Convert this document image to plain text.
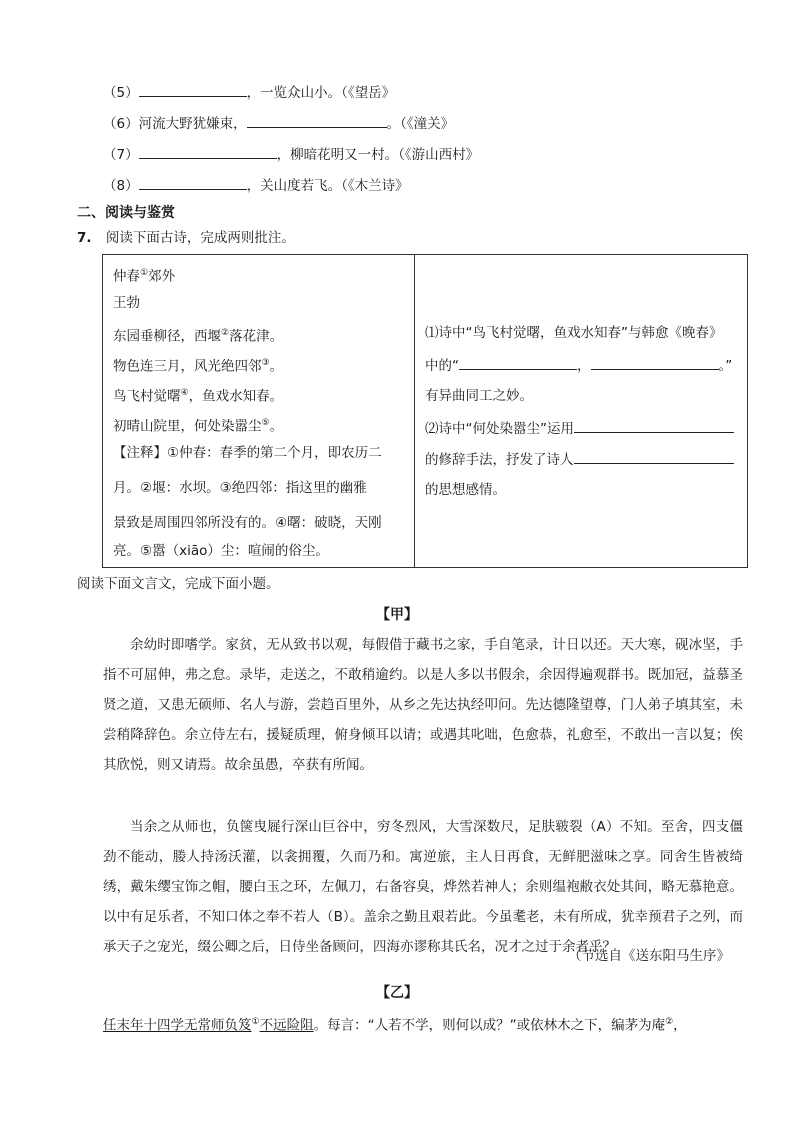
（5）	，一览众山小。（《望岳》
（6）河流大野犹嫌束，	。（《潼关》
（7）	，柳暗花明又一村。（《游山西村》
（8）	，关山度若飞。（《木兰诗》
二、阅读与鉴赏
7. 阅读下面古诗，完成两则批注。
仲春①郊外
王勃
东园垂柳径，西堰②落花津。
物色连三月，风光绝四邻③。
鸟飞村觉曙④，鱼戏水知春。
初晴山院里，何处染嚣尘⑤。
【注释】①仲春：春季的第二个月，即农历二
月。②堰：水坝。③绝四邻：指这里的幽雅
景致是周围四邻所没有的。④曙：破晓，天刚
亮。⑤嚣（xiāo）尘：喧闹的俗尘。

⑴诗中“鸟飞村觉曙，鱼戏水知春”与韩愈《晚春》
中的“	，	。”
有异曲同工之妙。
⑵诗中“何处染嚣尘”运用
的修辞手法，抒发了诗人
的思想感情。
阅读下面文言文，完成下面小题。
【甲】
余幼时即嗜学。家贫，无从致书以观，每假借于藏书之家，手自笔录，计日以还。天大寒，砚冰坚，手指不可屈伸，弗之怠。录毕，走送之，不敢稍逾约。以是人多以书假余，余因得遍观群书。既加冠，益慕圣贤之道，又患无硕师、名人与游，尝趋百里外，从乡之先达执经叩问。先达德隆望尊，门人弟子填其室，未尝稍降辞色。余立侍左右，援疑质理，俯身倾耳以请；或遇其叱咄，色愈恭，礼愈至，不敢出一言以复；俟其欣悦，则又请焉。故余虽愚，卒获有所闻。
当余之从师也，负箧曳屣行深山巨谷中，穷冬烈风，大雪深数尺，足肤皲裂（A）不知。至舍，四支僵劲不能动，媵人持汤沃灌，以衾拥覆，久而乃和。寓逆旅，主人日再食，无鲜肥滋味之享。同舍生皆被绮绣，戴朱缨宝饰之帽，腰白玉之环，左佩刀，右备容臭，烨然若神人；余则缊袍敝衣处其间，略无慕艳意。以中有足乐者，不知口体之奉不若人（B）。盖余之勤且艰若此。今虽耄老，未有所成，犹幸预君子之列，而承天子之宠光，缀公卿之后，日侍坐备顾问，四海亦谬称其氏名，况才之过于余者乎？
（节选自《送东阳马生序》
【乙】
任末年十四学无常师负笈①不远险阻。每言：“人若不学，则何以成？”或依林木之下，编茅为庵②，
